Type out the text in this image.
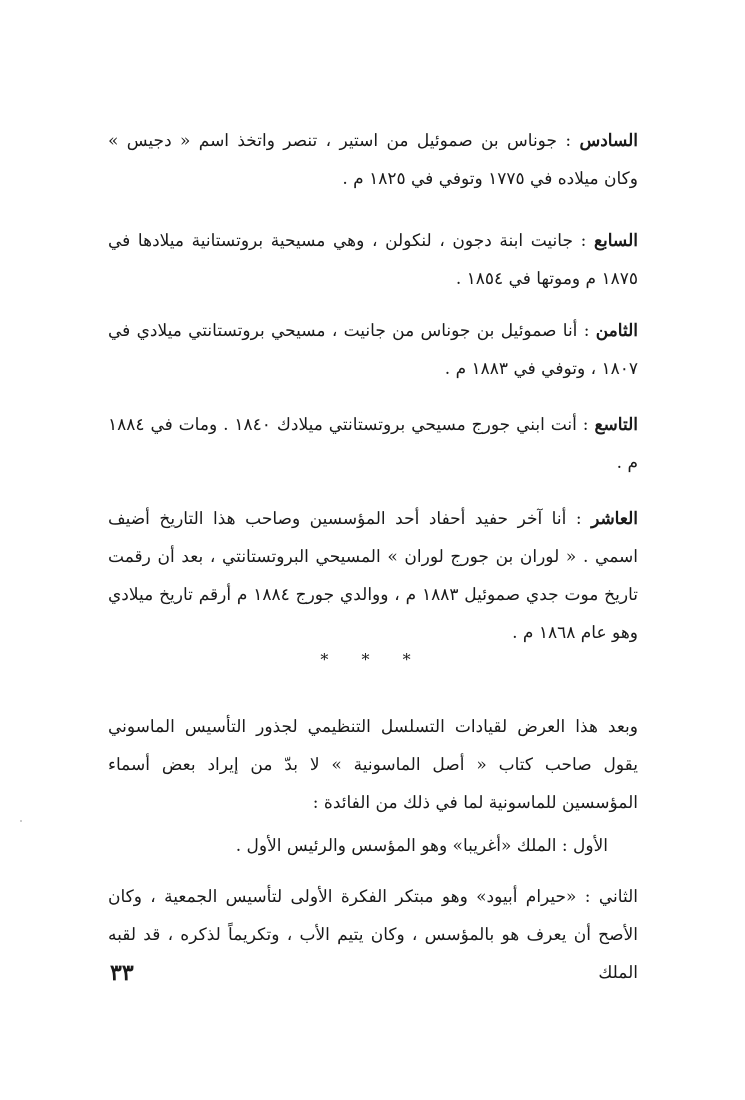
السادس : جوناس بن صموئيل من استير ، تنصر واتخذ اسم « دجيس » وكان ميلاده في ١٧٧٥ وتوفي في ١٨٢٥ م .

السابع : جانيت ابنة دجون ، لنكولن ، وهي مسيحية بروتستانية ميلادها في ١٨٧٥ م وموتها في ١٨٥٤ .

الثامن : أنا صموئيل بن جوناس من جانيت ، مسيحي بروتستانتي ميلادي في ١٨٠٧ ، وتوفي في ١٨٨٣ م .

التاسع : أنت ابني جورج مسيحي بروتستانتي ميلادك ١٨٤٠ . ومات في ١٨٨٤ م .

العاشر : أنا آخر حفيد أحفاد أحد المؤسسين وصاحب هذا التاريخ أضيف اسمي . « لوران بن جورج لوران » المسيحي البروتستانتي ، بعد أن رقمت تاريخ موت جدي صموئيل ١٨٨٣ م ، ووالدي جورج ١٨٨٤ م أرقم تاريخ ميلادي وهو عام ١٨٦٨ م .

* * *

وبعد هذا العرض لقيادات التسلسل التنظيمي لجذور التأسيس الماسوني يقول صاحب كتاب « أصل الماسونية » لا بدّ من إيراد بعض أسماء المؤسسين للماسونية لما في ذلك من الفائدة :

الأول : الملك «أغريبا» وهو المؤسس والرئيس الأول .

الثاني : «حيرام أبيود» وهو مبتكر الفكرة الأولى لتأسيس الجمعية ، وكان الأصح أن يعرف هو بالمؤسس ، وكان يتيم الأب ، وتكريماً لذكره ، قد لقبه الملك

٣٣
